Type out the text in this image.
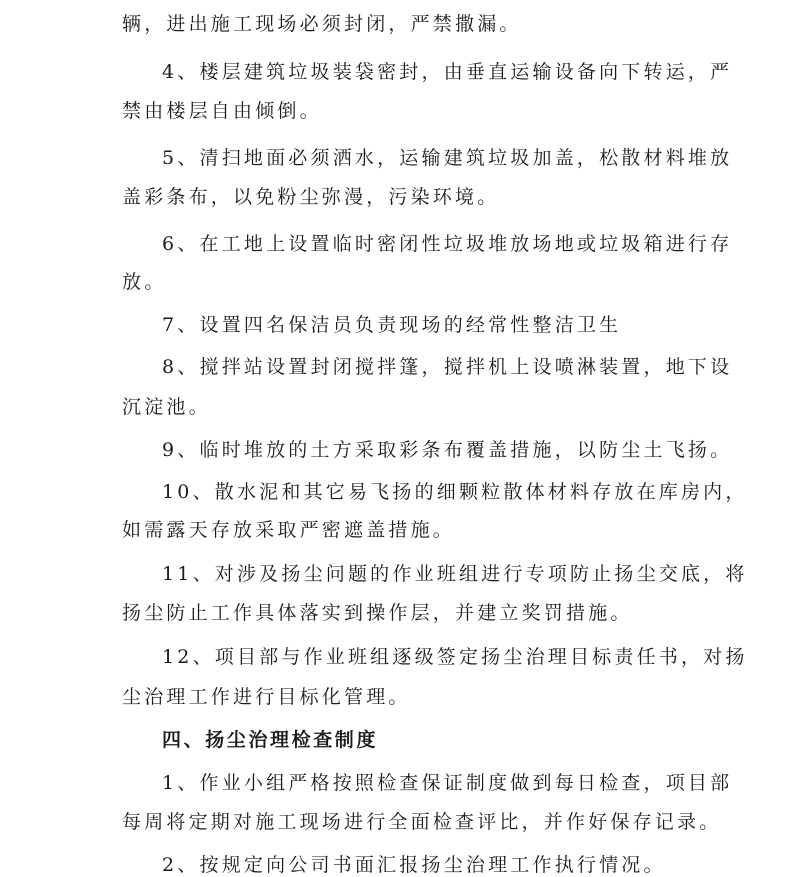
辆，进出施工现场必须封闭，严禁撒漏。
4、楼层建筑垃圾装袋密封，由垂直运输设备向下转运，严
禁由楼层自由倾倒。
5、清扫地面必须洒水，运输建筑垃圾加盖，松散材料堆放
盖彩条布，以免粉尘弥漫，污染环境。
6、在工地上设置临时密闭性垃圾堆放场地或垃圾箱进行存
放。
7、设置四名保洁员负责现场的经常性整洁卫生
8、搅拌站设置封闭搅拌篷，搅拌机上设喷淋装置，地下设
沉淀池。
9、临时堆放的土方采取彩条布覆盖措施，以防尘土飞扬。
10、散水泥和其它易飞扬的细颗粒散体材料存放在库房内，
如需露天存放采取严密遮盖措施。
11、对涉及扬尘问题的作业班组进行专项防止扬尘交底，将
扬尘防止工作具体落实到操作层，并建立奖罚措施。
12、项目部与作业班组逐级签定扬尘治理目标责任书，对扬
尘治理工作进行目标化管理。
四、扬尘治理检查制度
1、作业小组严格按照检查保证制度做到每日检查，项目部
每周将定期对施工现场进行全面检查评比，并作好保存记录。
2、按规定向公司书面汇报扬尘治理工作执行情况。
